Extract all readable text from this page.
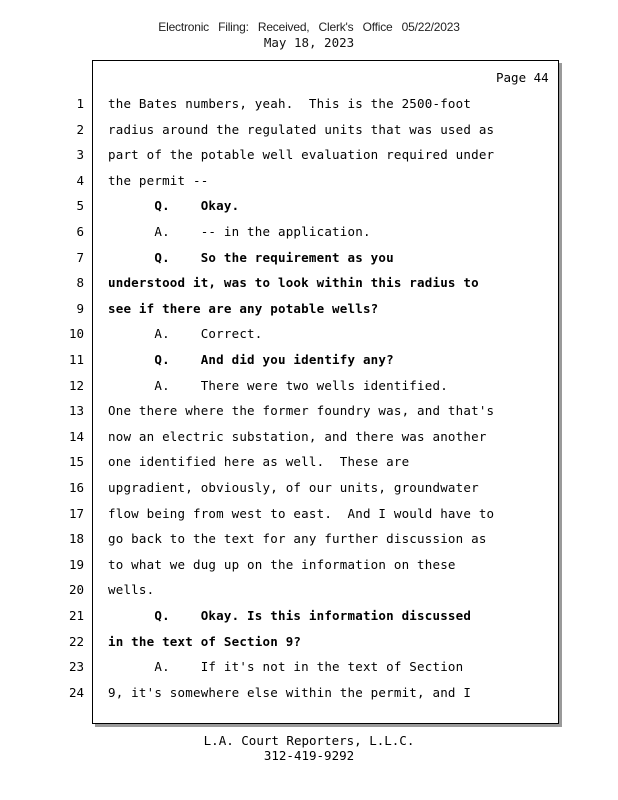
Electronic Filing: Received, Clerk's Office 05/22/2023
May 18, 2023
Page 44
1 the Bates numbers, yeah.  This is the 2500-foot
2 radius around the regulated units that was used as
3 part of the potable well evaluation required under
4 the permit --
5 Q.    Okay.
6 A.    -- in the application.
7 Q.    So the requirement as you
8 understood it, was to look within this radius to
9 see if there are any potable wells?
10 A.    Correct.
11 Q.    And did you identify any?
12 A.    There were two wells identified.
13 One there where the former foundry was, and that's
14 now an electric substation, and there was another
15 one identified here as well.  These are
16 upgradient, obviously, of our units, groundwater
17 flow being from west to east.  And I would have to
18 go back to the text for any further discussion as
19 to what we dug up on the information on these
20 wells.
21 Q.    Okay. Is this information discussed
22 in the text of Section 9?
23 A.    If it's not in the text of Section
24 9, it's somewhere else within the permit, and I
L.A. Court Reporters, L.L.C.
312-419-9292
